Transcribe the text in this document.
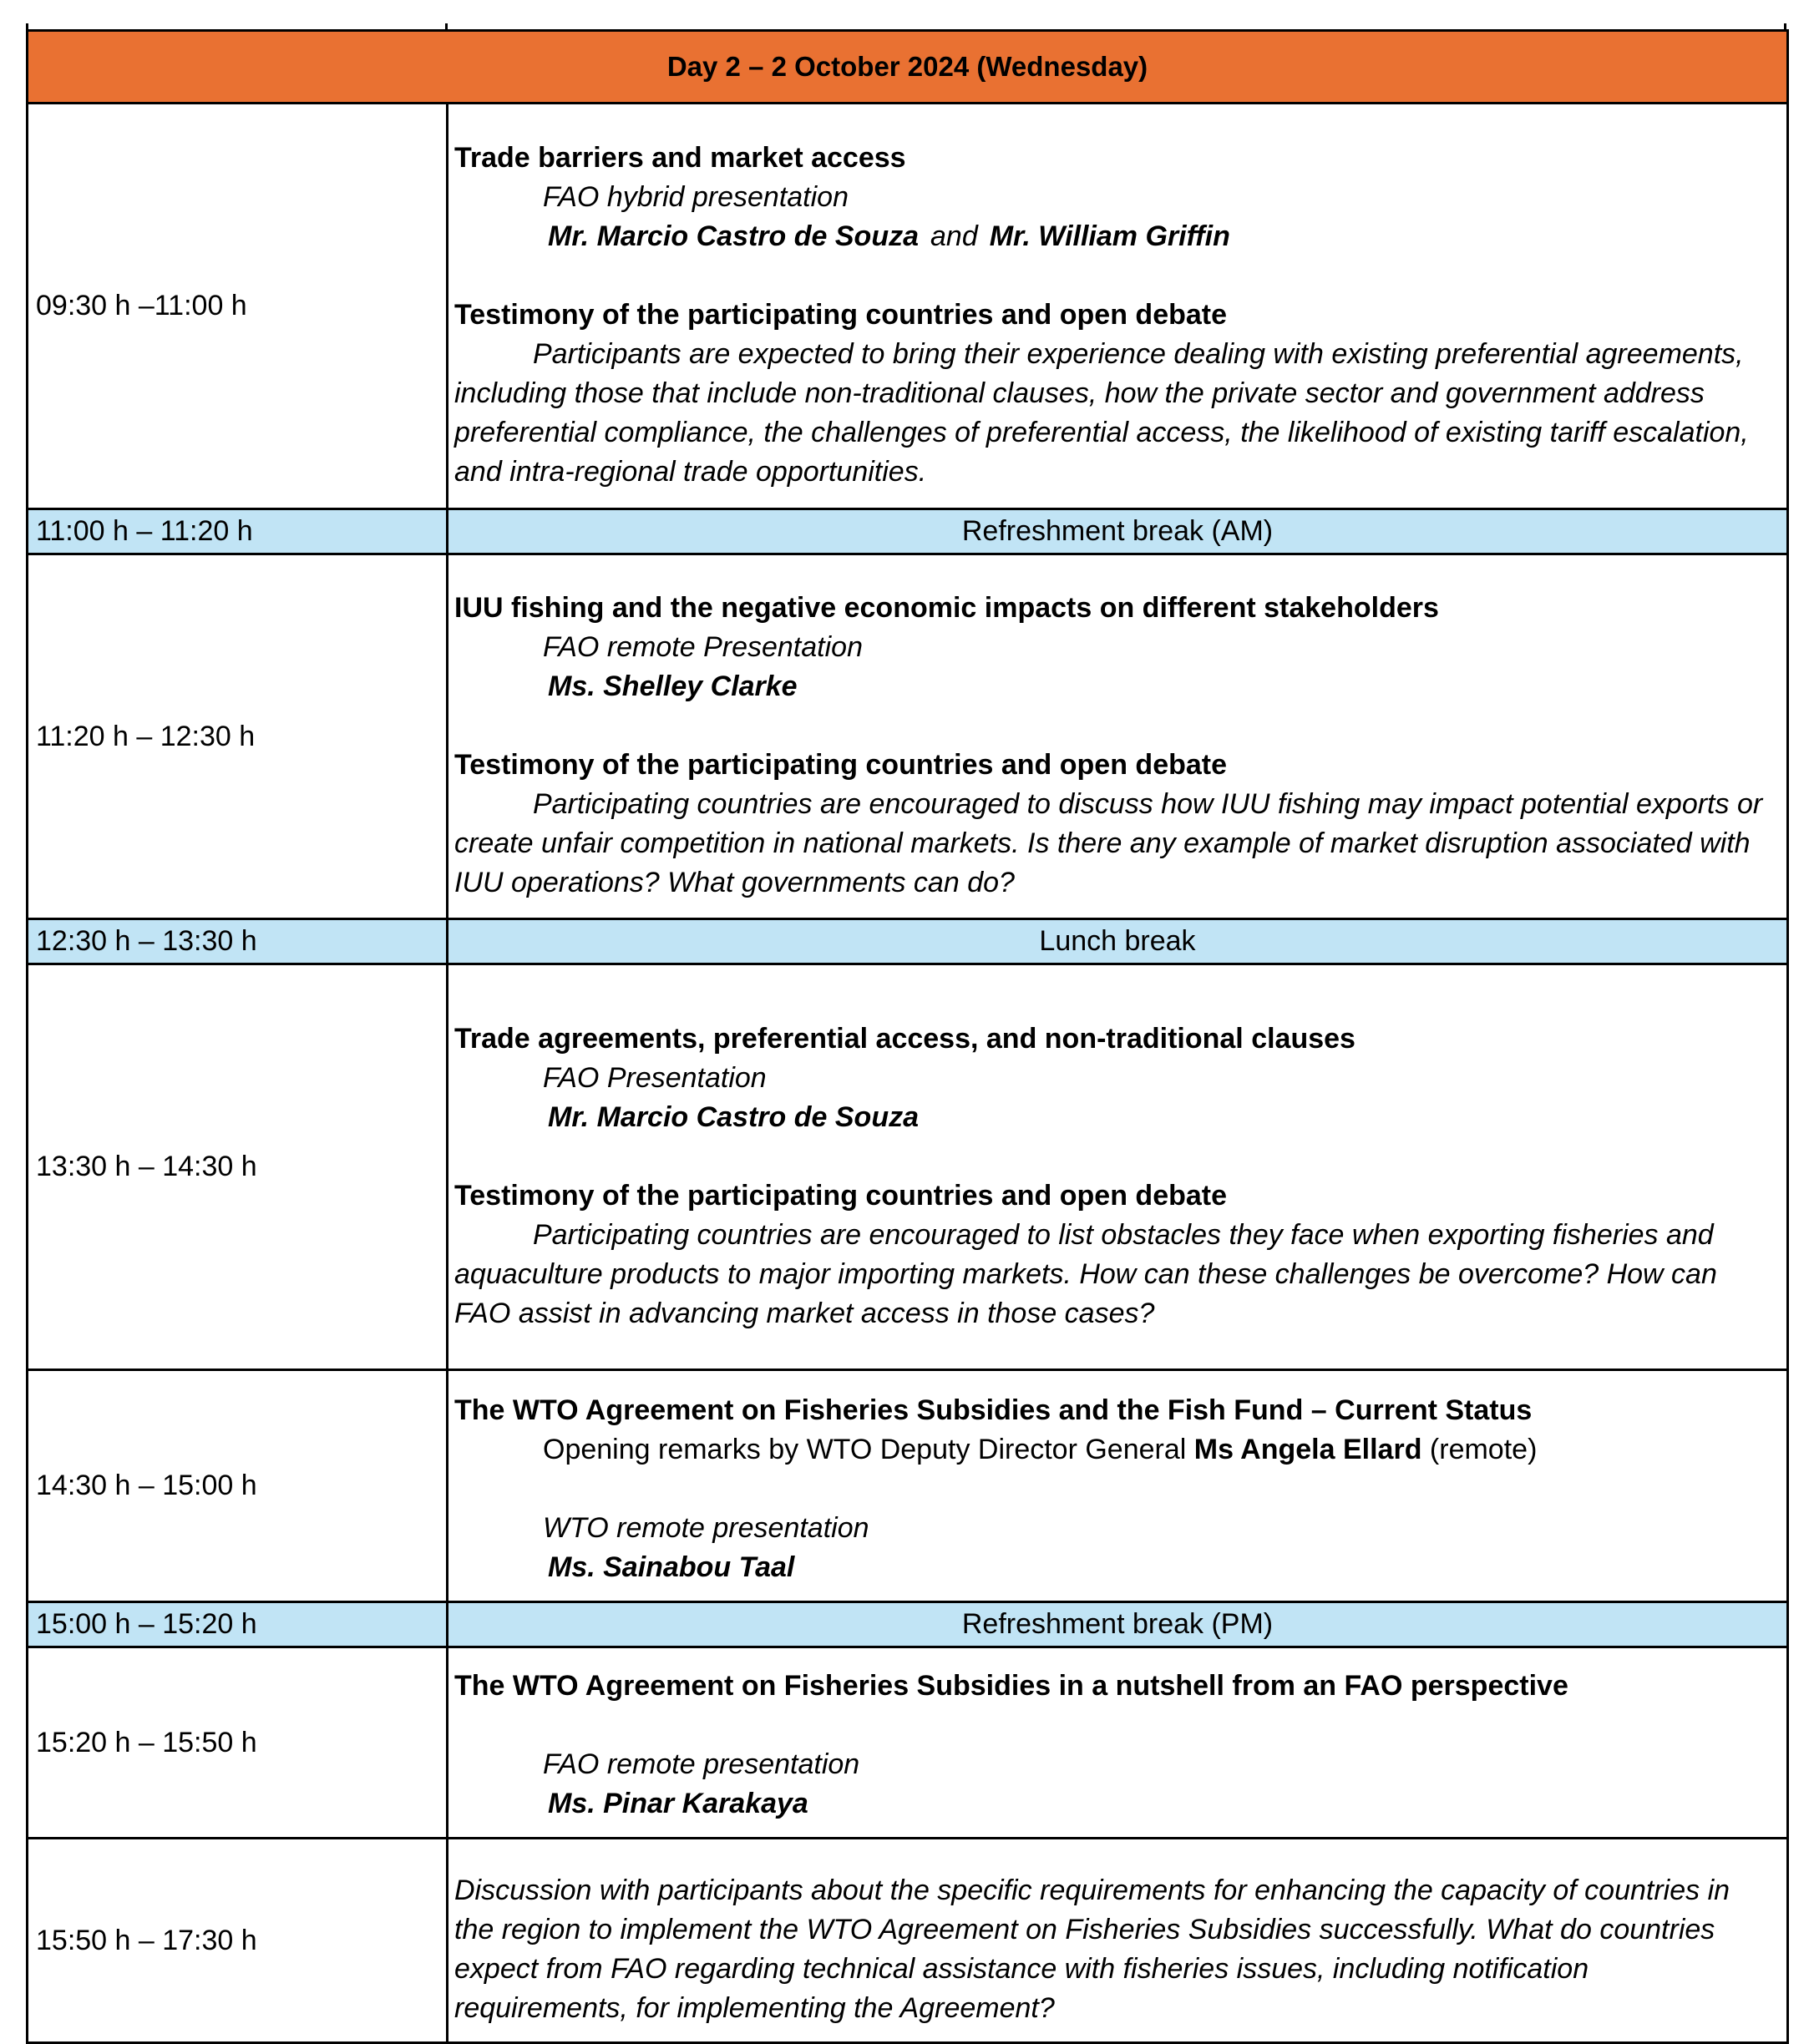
Day 2 – 2 October 2024 (Wednesday)	
09:30 h –11:00 h	Trade barriers and market access
FAO hybrid presentation
Mr. Marcio Castro de Souza and Mr. William Griffin
Testimony of the participating countries and open debate
Participants are expected to bring their experience dealing with existing preferential agreements, including those that include non-traditional clauses, how the private sector and government address preferential compliance, the challenges of preferential access, the likelihood of existing tariff escalation, and intra-regional trade opportunities.

11:00 h – 11:20 h	Refreshment break (AM)
11:20 h – 12:30 h	IUU fishing and the negative economic impacts on different stakeholders
FAO remote Presentation
Ms. Shelley Clarke
Testimony of the participating countries and open debate
Participating countries are encouraged to discuss how IUU fishing may impact potential exports or create unfair competition in national markets. Is there any example of market disruption associated with IUU operations? What governments can do?

12:30 h – 13:30 h	Lunch break
13:30 h – 14:30 h	Trade agreements, preferential access, and non-traditional clauses
FAO Presentation
Mr. Marcio Castro de Souza
Testimony of the participating countries and open debate
Participating countries are encouraged to list obstacles they face when exporting fisheries and aquaculture products to major importing markets. How can these challenges be overcome? How can FAO assist in advancing market access in those cases?

14:30 h – 15:00 h	The WTO Agreement on Fisheries Subsidies and the Fish Fund – Current Status
Opening remarks by WTO Deputy Director General Ms Angela Ellard (remote)
WTO remote presentation
Ms. Sainabou Taal

15:00 h – 15:20 h	Refreshment break (PM)
15:20 h – 15:50 h	The WTO Agreement on Fisheries Subsidies in a nutshell from an FAO perspective
FAO remote presentation
Ms. Pinar Karakaya

15:50 h – 17:30 h	Discussion with participants about the specific requirements for enhancing the capacity of countries in the region to implement the WTO Agreement on Fisheries Subsidies successfully. What do countries expect from FAO regarding technical assistance with fisheries issues, including notification requirements, for implementing the Agreement?
